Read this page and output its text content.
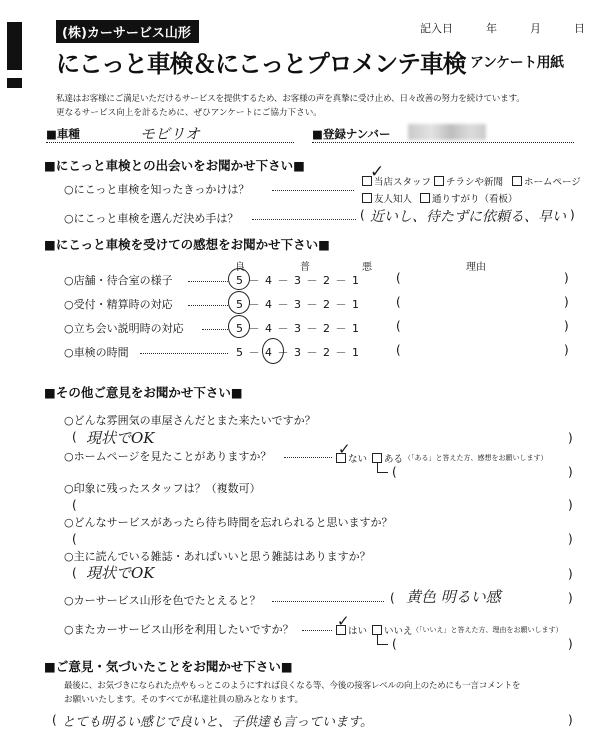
(株)カーサービス山形	記入日	年	月	日
にこっと車検＆にこっとプロメンテ車検 アンケート用紙
私達はお客様にご満足いただけるサービスを提供するため、お客様の声を真摯に受け止め、日々改善の努力を続けています。
更なるサービス向上を計るために、ぜひアンケートにご協力下さい。
■車種	モビリオ	■登録ナンバー
■にこっと車検との出会いをお聞かせ下さい■
○にこっと車検を知ったきっかけは？
当店スタッフ
✓
チラシや新聞	ホームページ
友人知人	通りすがり（看板）
○にこっと車検を選んだ決め手は？	( 近いし、待たずに依頼る、早い )
■にこっと車検を受けての感想をお聞かせ下さい■
良	普	悪	理由
○店舗・待合室の様子	5 － 4 － 3 － 2 － 1	(	)
○受付・精算時の対応	5 － 4 － 3 － 2 － 1	(	)
○立ち会い説明時の対応	5 － 4 － 3 － 2 － 1	(	)
○車検の時間	5 － 4 － 3 － 2 － 1	(	)
■その他ご意見をお聞かせ下さい■
○どんな雰囲気の車屋さんだとまた来たいですか？
( 現状でOK	)
○ホームページを見たことがありますか？	ない
✓
ある （「ある」と答えた方、感想をお願いします）
(	)
○印象に残ったスタッフは？（複数可）
(	)
○どんなサービスがあったら待ち時間を忘れられると思いますか？
(	)
○主に読んでいる雑誌・あればいいと思う雑誌はありますか？
( 現状でOK	)
○カーサービス山形を色でたとえると？	( 黄色 明るい感	)
○またカーサービス山形を利用したいですか？	はい
✓
いいえ （「いいえ」と答えた方、理由をお願いします）
(	)
■ご意見・気づいたことをお聞かせ下さい■
最後に、お気づきになられた点やもっとこのようにすれば良くなる等、今後の接客レベルの向上のためにも一言コメントを
お願いいたします。そのすべてが私達社員の励みとなります。
( とても明るい感じで良いと、子供達も言っています。	)
